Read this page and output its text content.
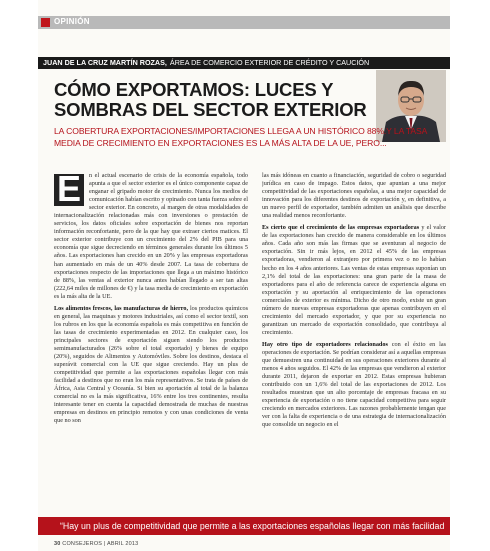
OPINIÓN
JUAN DE LA CRUZ MARTÍN ROZAS, ÁREA DE COMERCIO EXTERIOR DE CRÉDITO Y CAUCIÓN
CÓMO EXPORTAMOS: LUCES Y SOMBRAS DEL SECTOR EXTERIOR
LA COBERTURA EXPORTACIONES/IMPORTACIONES LLEGA A UN HISTÓRICO 88%.Y LA TASA MEDIA DE CRECIMIENTO EN EXPORTACIONES ES LA MÁS ALTA DE LA UE, PERO...
E	n el actual escenario de crisis de la economía española, todo apunta a que el sector exterior es el único componente capaz de enganar el gripado motor de crecimiento. Nunca los medios de comunicación habían escrito y opinado con tanta fuerza sobre el sector exterior. En concreto, al margen de otras modalidades de internacionalización relacionadas más con inversiones o prestación de servicios, los datos oficiales sobre exportación de bienes nos reportan información reconfortante, pero de la que hay que extraer ciertos matices. El sector exterior contribuye con un crecimiento del 2% del PIB para una economía que sigue decreciendo en términos generales durante los últimos 5 años. Las exportaciones han crecido en un 20% y las empresas exportadoras han aumentado en más de un 40% desde 2007. La tasa de cobertura de exportaciones respecto de las importaciones que llega a un máximo histórico de 88%, las ventas al exterior nunca antes habían llegado a ser tan altas (222,64 miles de millones de €) y la tasa media de crecimiento en exportación es la más alta de la UE.

Los alimentos frescos, las manufacturas de hierro, los productos químicos en general, las maquinas y motores industriales, así como el sector textil, son los rubros en los que la economía española es más competitiva en función de las tasas de crecimiento experimentadas en 2012. En cualquier caso, los principales sectores de exportación siguen siendo los productos semimanufacturados (26% sobre el total exportado) y bienes de equipo (20%), seguidos de Alimentos y Automóviles. Sobre los destinos, destaca el superávit comercial con la UE que sigue creciendo. Hay un plus de competitividad que permite a las exportaciones españolas llegar con más facilidad a destinos que no eran los más representativos. Se trata de países de África, Asia Central y Oceanía. Si bien su aportación al total de la balanza comercial no es la más significativa, 16% entre los tres continentes, resulta interesante tener en cuenta la capacidad demostrada de muchas de nuestras empresas en destinos en principio remotos y con unas condiciones de venta que no son

las más idóneas en cuanto a financiación, seguridad de cobro o seguridad jurídica en caso de impago. Estos datos, que apuntan a una mejor competitividad de las exportaciones españolas, a una mejor capacidad de innovación para los diferentes destinos de exportación y, en definitiva, a un nuevo perfil de exportador, también admiten un análisis que describe una realidad menos reconfortante.

Es cierto que el crecimiento de las empresas exportadoras y el valor de las exportaciones han crecido de manera considerable en los últimos años. Cada año son más las firmas que se aventuran al negocio de exportación. Sin ir más lejos, en 2012 el 45% de las empresas exportadoras, vendieron al extranjero por primera vez o no lo habían hecho en los 4 años anteriores. Las ventas de estas empresas suponían un 2,1% del total de las exportaciones: una gran parte de la masa de exportadores para el año de referencia carece de experiencia alguna en exportación y su aportación al enriquecimiento de las operaciones comerciales de exterior es mínima. Dicho de otro modo, existe un gran número de nuevas empresas exportadoras que apenas contribuyen en el crecimiento del mercado exportador, y que por su experiencia no garantizan un mercado de exportación consolidado, que contribuya al crecimiento.

Hay otro tipo de exportadores relacionados con el éxito en las operaciones de exportación. Se podrían considerar así a aquellas empresas que demuestren una continuidad en sus operaciones exteriores durante al menos 4 años seguidos. El 42% de las empresas que vendieron al exterior durante 2011, dejaron de exportar en 2012. Estas empresas hubieran contribuido con un 1,6% del total de las exportaciones de 2012. Los resultados muestran que un alto porcentaje de empresas fracasa en su experiencia de exportación o no tiene capacidad competitiva para seguir creciendo en mercados exteriores. Las razones probablemente tengan que ver con la falta de experiencia o de una estrategia de internacionalización que consolide un negocio en el

“Hay un plus de competitividad que permite a las exportaciones españolas llegar con más facilidad
30 CONSEJEROS | ABRIL 2013
